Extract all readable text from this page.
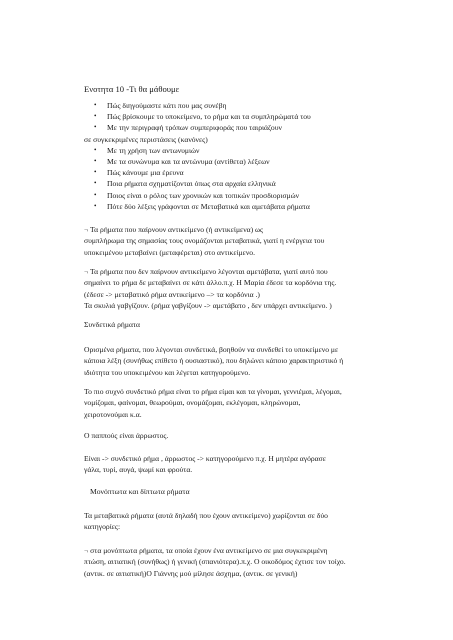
Ενοτητα 10 -Τι θα μάθουμε
• Πώς διηγούμαστε κάτι που μας συνέβη
• Πώς βρίσκουμε το υποκείμενο, το ρήμα και τα συμπληρώματά του
• Με την περιγραφή τρόπων συμπεριφοράς που ταιριάζουν
σε συγκεκριμένες περιστάσεις (κανόνες)
• Με τη χρήση των αντωνυμιών
• Με τα συνώνυμα και τα αντώνυμα (αντίθετα) λέξεων
• Πώς κάνουμε μια έρευνα
• Ποια ρήματα σχηματίζονται όπως στα αρχαία ελληνικά
• Ποιος είναι ο ρόλος των χρονικών και τοπικών προσδιορισμών
• Πότε δύο λέξεις γράφονται σε Μεταβατικά και αμετάβατα ρήματα

¬ Τα ρήματα που παίρνουν αντικείμενο (ή αντικείμενα) ως
συμπλήρωμα της σημασίας τους ονομάζονται μεταβατικά, γιατί η ενέργεια του
υποκειμένου μεταβαίνει (μεταφέρεται) στο αντικείμενο.

¬ Τα ρήματα που δεν παίρνουν αντικείμενο λέγονται αμετάβατα, γιατί αυτό που
σημαίνει το ρήμα δε μεταβαίνει σε κάτι άλλο.π.χ. Η Μαρία έδεσε τα κορδόνια της.
(έδεσε -> μεταβατικό ρήμα αντικείμενο –> τα κορδόνια .)
Τα σκυλιά γαβγίζουν. (ρήμα γαβγίζουν -> αμετάβατο , δεν υπάρχει αντικείμενο. )

Συνδετικά ρήματα

Ορισμένα ρήματα, που λέγονται συνδετικά, βοηθούν να συνδεθεί το υποκείμενο με
κάποια λέξη (συνήθως επίθετο ή ουσιαστικό), που δηλώνει κάποιο χαρακτηριστικό ή
ιδιότητα του υποκειμένου και λέγεται κατηγορούμενο.

Το πιο συχνό συνδετικό ρήμα είναι το ρήμα είμαι και τα γίνομαι, γεννιέμαι, λέγομαι,
νομίζομαι, φαίνομαι, θεωρούμαι, ονομάζομαι, εκλέγομαι, κληρώνομαι,
χειροτονούμαι κ.α.

Ο παππούς είναι άρρωστος.

Είναι -> συνδετικό ρήμα , άρρωστος -> κατηγορούμενο π.χ. Η μητέρα αγόρασε
γάλα, τυρί, αυγά, ψωμί και φρούτα.

Μονόπτωτα και δίπτωτα ρήματα

Τα μεταβατικά ρήματα (αυτά δηλαδή που έχουν αντικείμενο) χωρίζονται σε δύο
κατηγορίες:

¬ στα μονόπτωτα ρήματα, τα οποία έχουν ένα αντικείμενο σε μια συγκεκριμένη
πτώση, αιτιατική (συνήθως) ή γενική (σπανιότερα).π.χ. Ο οικοδόμος έχτισε τον τοίχο.
(αντικ. σε αιτιατική)Ο Γιάννης μού μίλησε άσχημα, (αντικ. σε γενική)
